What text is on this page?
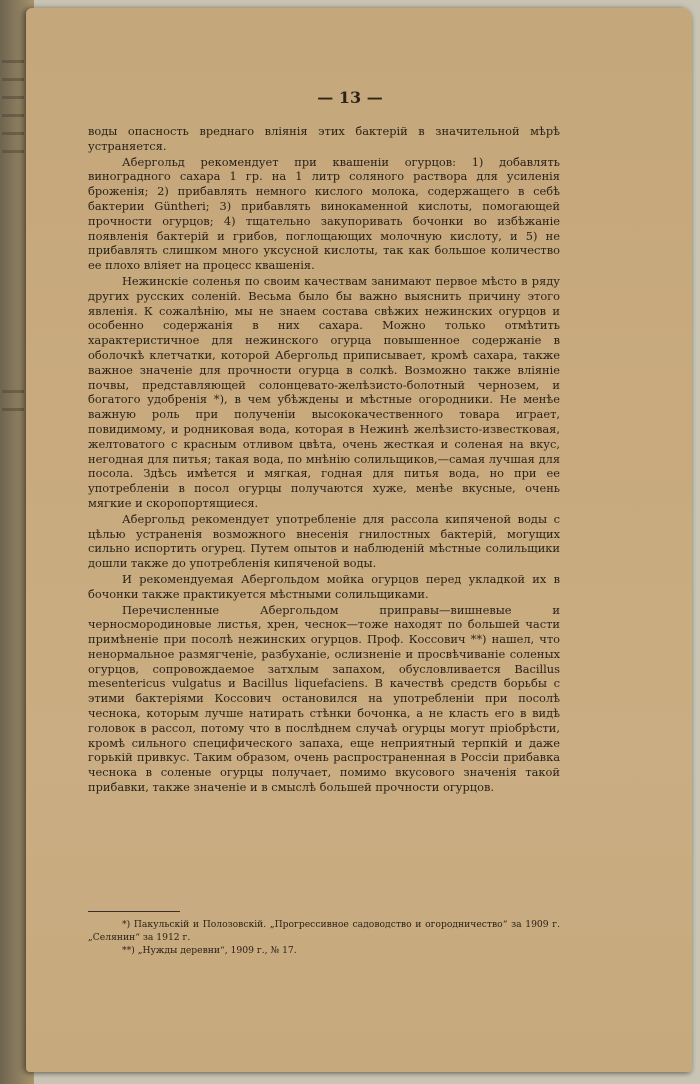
— 13 —

воды опасность вреднаго вліянія этих бактерій в значительной мѣрѣ устраняется.

Абергольд рекомендует при квашеніи огурцов: 1) добавлять виноградного сахара 1 гр. на 1 литр соляного раствора для усиленія броженія; 2) прибавлять немного кислого молока, содержащего в себѣ бактерии Güntheri; 3) прибавлять винокаменной кислоты, помогающей прочности огурцов; 4) тщательно закупоривать бочонки во избѣжаніе появленія бактерій и грибов, поглощающих молочную кислоту, и 5) не прибавлять слишком много уксусной кислоты, так как большое количество ее плохо вліяет на процесс квашенія.

Нежинскіе соленья по своим качествам занимают первое мѣсто в ряду других русских соленій. Весьма было бы важно выяснить причину этого явленія. К сожалѣнію, мы не знаем состава свѣжих нежинских огурцов и особенно содержанія в них сахара. Можно только отмѣтить характеристичное для нежинского огурца повышенное содержаніе в оболочкѣ клетчатки, которой Абергольд приписывает, кромѣ сахара, также важное значеніе для прочности огурца в солкѣ. Возможно также вліяніе почвы, представляющей солонцевато-желѣзисто-болотный чернозем, и богатого удобренія *), в чем убѣждены и мѣстные огородники. Не менѣе важную роль при полученіи высококачественного товара играет, повидимому, и родниковая вода, которая в Нежинѣ желѣзисто-известковая, желтоватого с красным отливом цвѣта, очень жесткая и соленая на вкус, негодная для питья; такая вода, по мнѣнію солильщиков,—самая лучшая для посола. Здѣсь имѣется и мягкая, годная для питья вода, но при ее употребленіи в посол огурцы получаются хуже, менѣе вкусные, очень мягкие и скоропортящиеся.

Абергольд рекомендует употребленіе для рассола кипяченой воды с цѣлью устраненія возможного внесенія гнилостных бактерій, могущих сильно испортить огурец. Путем опытов и наблюденій мѣстные солильщики дошли также до употребленія кипяченой воды.

И рекомендуемая Абергольдом мойка огурцов перед укладкой их в бочонки также практикуется мѣстными солильщиками.

Перечисленные Абергольдом приправы—вишневые и черносмородиновые листья, хрен, чеснок—тоже находят по большей части примѣненіе при посолѣ нежинских огурцов. Проф. Коссович **) нашел, что ненормальное размягченіе, разбуханіе, ослизненіе и просвѣчиваніе соленых огурцов, сопровождаемое затхлым запахом, обусловливается Bacillus mesentericus vulgatus и Bacillus liquefaciens. В качествѣ средств борьбы с этими бактеріями Коссович остановился на употребленіи при посолѣ чеснока, которым лучше натирать стѣнки бочонка, а не класть его в видѣ головок в рассол, потому что в послѣднем случаѣ огурцы могут пріобрѣсти, кромѣ сильного специфического запаха, еще неприятный терпкій и даже горькій привкус. Таким образом, очень распространенная в Россіи прибавка чеснока в соленые огурцы получает, помимо вкусового значенія такой прибавки, также значеніе и в смыслѣ большей прочности огурцов.

*) Пакульскій и Полозовскій. „Прогрессивное садоводство и огородничество“ за 1909 г. „Селянин“ за 1912 г.

**) „Нужды деревни“, 1909 г., № 17.
